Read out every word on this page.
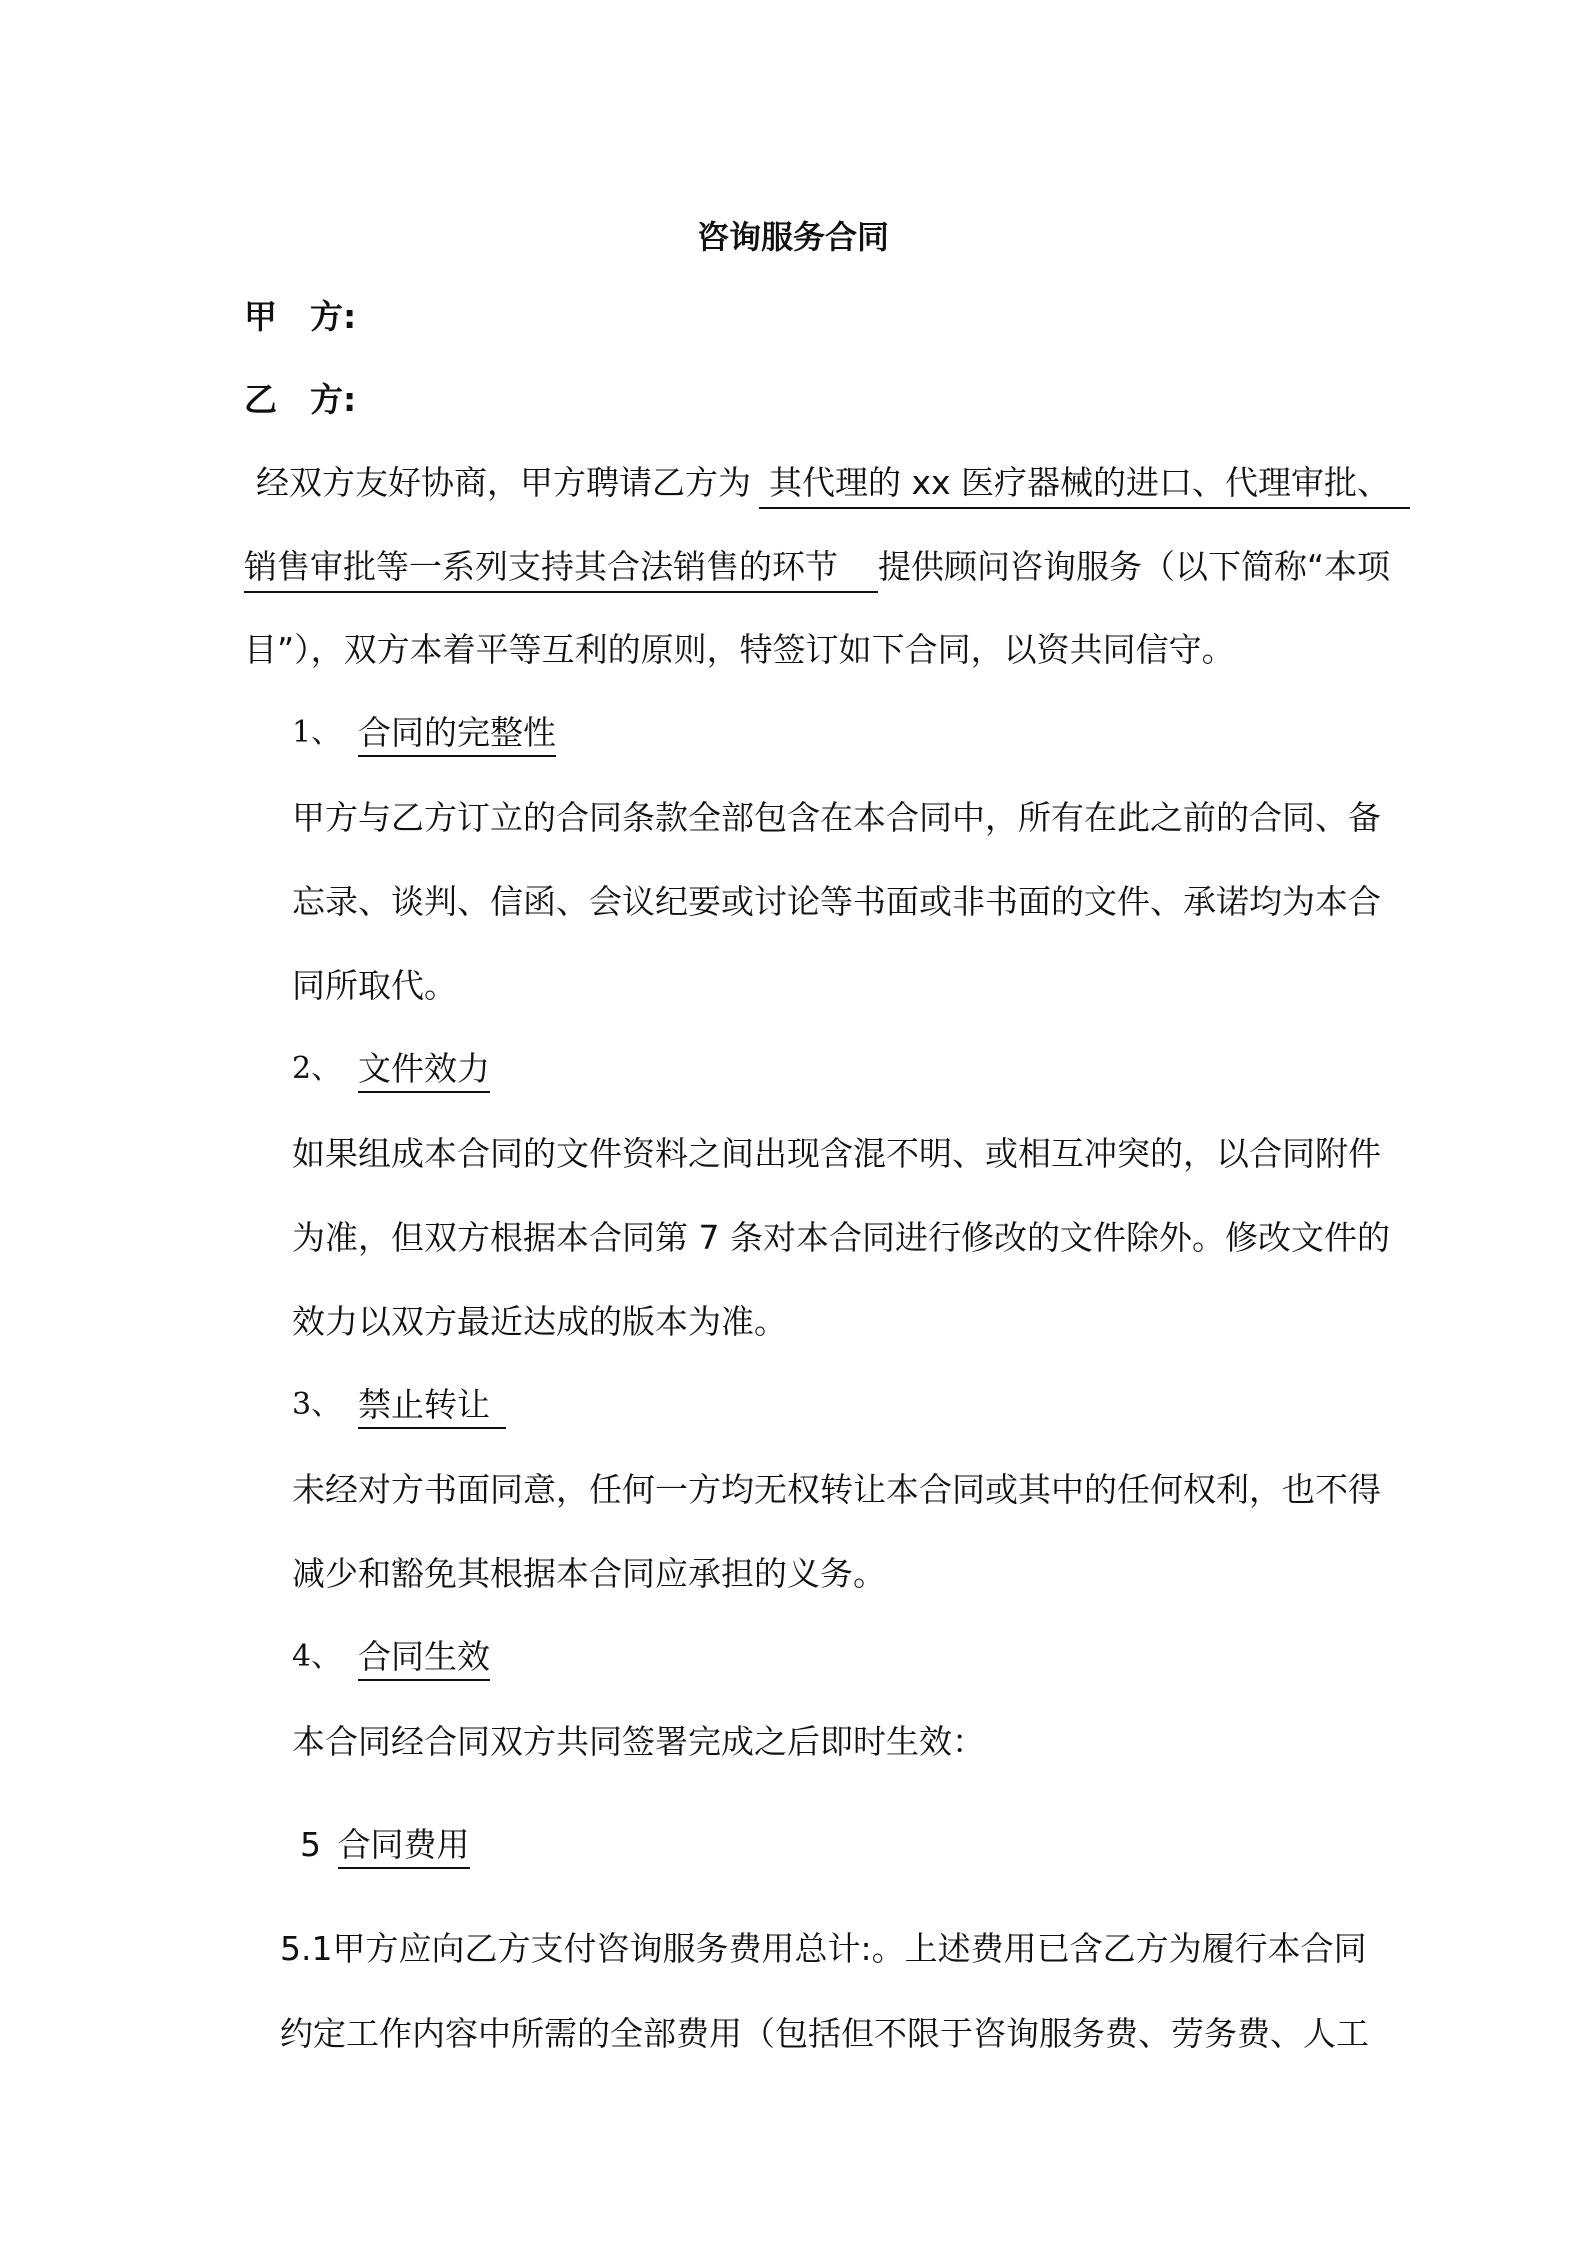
咨询服务合同
甲　方:
乙　方:
经双方友好协商，甲方聘请乙方为 其代理的 xx 医疗器械的进口、代理审批、
销售审批等一系列支持其合法销售的环节 提供顾问咨询服务（以下简称“本项
目”），双方本着平等互利的原则，特签订如下合同，以资共同信守。
1、 合同的完整性
甲方与乙方订立的合同条款全部包含在本合同中，所有在此之前的合同、备
忘录、谈判、信函、会议纪要或讨论等书面或非书面的文件、承诺均为本合
同所取代。
2、 文件效力
如果组成本合同的文件资料之间出现含混不明、或相互冲突的，以合同附件
为准，但双方根据本合同第 7 条对本合同进行修改的文件除外。修改文件的
效力以双方最近达成的版本为准。
3、 禁止转让
未经对方书面同意，任何一方均无权转让本合同或其中的任何权利，也不得
减少和豁免其根据本合同应承担的义务。
4、 合同生效
本合同经合同双方共同签署完成之后即时生效：
5 合同费用
5.1甲方应向乙方支付咨询服务费用总计:。上述费用已含乙方为履行本合同
约定工作内容中所需的全部费用（包括但不限于咨询服务费、劳务费、人工
